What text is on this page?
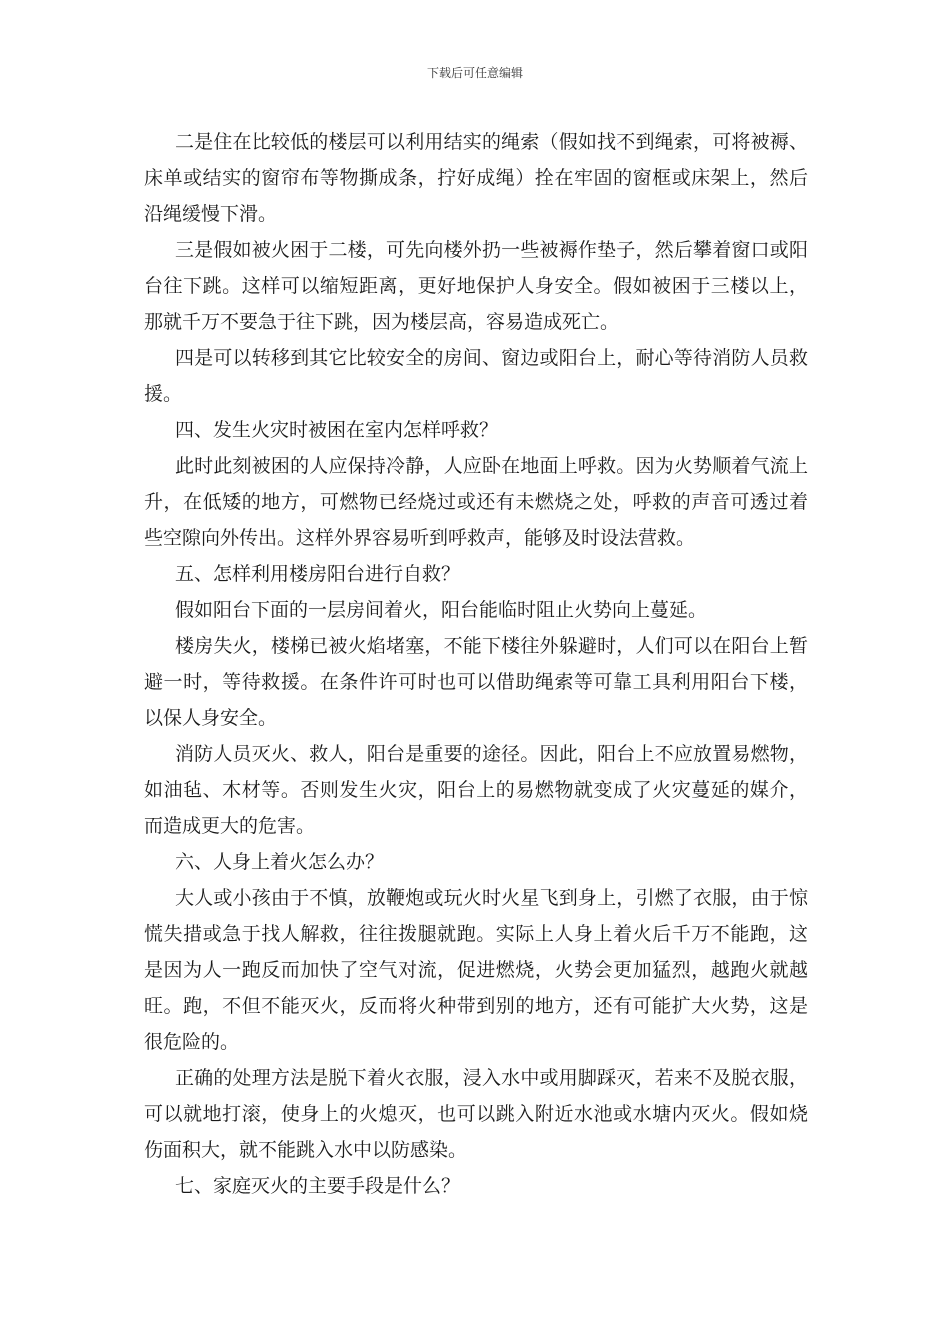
下载后可任意编辑

二是住在比较低的楼层可以利用结实的绳索（假如找不到绳索，可将被褥、床单或结实的窗帘布等物撕成条，拧好成绳）拴在牢固的窗框或床架上，然后沿绳缓慢下滑。

三是假如被火困于二楼，可先向楼外扔一些被褥作垫子，然后攀着窗口或阳台往下跳。这样可以缩短距离，更好地保护人身安全。假如被困于三楼以上，那就千万不要急于往下跳，因为楼层高，容易造成死亡。

四是可以转移到其它比较安全的房间、窗边或阳台上，耐心等待消防人员救援。

四、发生火灾时被困在室内怎样呼救？

此时此刻被困的人应保持冷静，人应卧在地面上呼救。因为火势顺着气流上升，在低矮的地方，可燃物已经烧过或还有未燃烧之处，呼救的声音可透过着些空隙向外传出。这样外界容易听到呼救声，能够及时设法营救。

五、怎样利用楼房阳台进行自救？

假如阳台下面的一层房间着火，阳台能临时阻止火势向上蔓延。

楼房失火，楼梯已被火焰堵塞，不能下楼往外躲避时，人们可以在阳台上暂避一时，等待救援。在条件许可时也可以借助绳索等可靠工具利用阳台下楼，以保人身安全。

消防人员灭火、救人，阳台是重要的途径。因此，阳台上不应放置易燃物，如油毡、木材等。否则发生火灾，阳台上的易燃物就变成了火灾蔓延的媒介，而造成更大的危害。

六、人身上着火怎么办？

大人或小孩由于不慎，放鞭炮或玩火时火星飞到身上，引燃了衣服，由于惊慌失措或急于找人解救，往往拨腿就跑。实际上人身上着火后千万不能跑，这是因为人一跑反而加快了空气对流，促进燃烧，火势会更加猛烈，越跑火就越旺。跑，不但不能灭火，反而将火种带到别的地方，还有可能扩大火势，这是很危险的。

正确的处理方法是脱下着火衣服，浸入水中或用脚踩灭，若来不及脱衣服，可以就地打滚，使身上的火熄灭，也可以跳入附近水池或水塘内灭火。假如烧伤面积大，就不能跳入水中以防感染。

七、家庭灭火的主要手段是什么？
